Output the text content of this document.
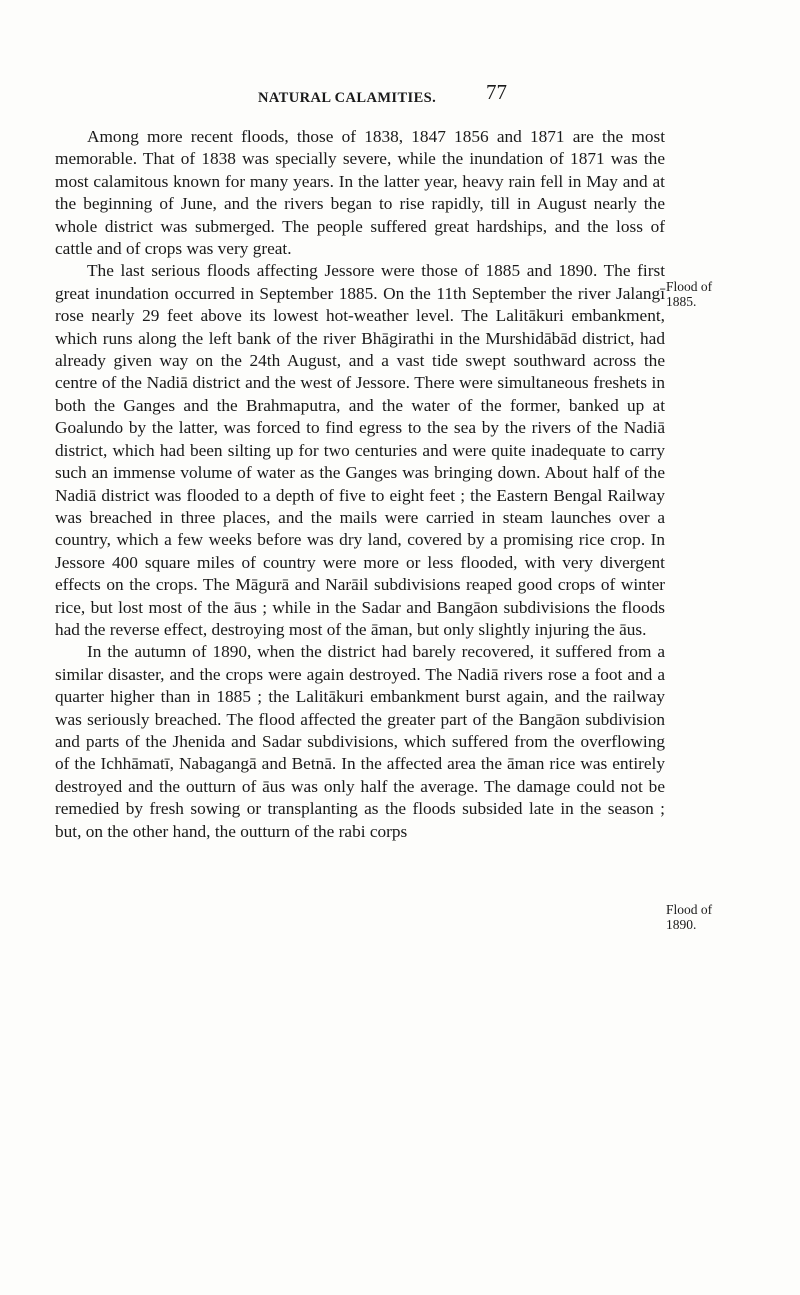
NATURAL CALAMITIES. 77

Among more recent floods, those of 1838, 1847 1856 and 1871 are the most memorable. That of 1838 was specially severe, while the inundation of 1871 was the most calamitous known for many years. In the latter year, heavy rain fell in May and at the beginning of June, and the rivers began to rise rapidly, till in August nearly the whole district was submerged. The people suffered great hardships, and the loss of cattle and of crops was very great.

The last serious floods affecting Jessore were those of 1885 and 1890. The first great inundation occurred in September 1885. On the 11th September the river Jalangī rose nearly 29 feet above its lowest hot-weather level. The Lalitākuri embankment, which runs along the left bank of the river Bhāgirathi in the Murshidābād district, had already given way on the 24th August, and a vast tide swept southward across the centre of the Nadiā district and the west of Jessore. There were simultaneous freshets in both the Ganges and the Brahmaputra, and the water of the former, banked up at Goalundo by the latter, was forced to find egress to the sea by the rivers of the Nadiā district, which had been silting up for two centuries and were quite inadequate to carry such an immense volume of water as the Ganges was bringing down. About half of the Nadiā district was flooded to a depth of five to eight feet ; the Eastern Bengal Railway was breached in three places, and the mails were carried in steam launches over a country, which a few weeks before was dry land, covered by a promising rice crop. In Jessore 400 square miles of country were more or less flooded, with very divergent effects on the crops. The Māgurā and Narāil subdivisions reaped good crops of winter rice, but lost most of the āus ; while in the Sadar and Bangāon subdivisions the floods had the reverse effect, destroying most of the āman, but only slightly injuring the āus.

In the autumn of 1890, when the district had barely recovered, it suffered from a similar disaster, and the crops were again destroyed. The Nadiā rivers rose a foot and a quarter higher than in 1885 ; the Lalitākuri embankment burst again, and the railway was seriously breached. The flood affected the greater part of the Bangāon subdivision and parts of the Jhenida and Sadar subdivisions, which suffered from the overflowing of the Ichhāmatī, Nabagangā and Betnā. In the affected area the āman rice was entirely destroyed and the outturn of āus was only half the average. The damage could not be remedied by fresh sowing or transplanting as the floods subsided late in the season ; but, on the other hand, the outturn of the rabi corps

Flood of
1885.
Flood of
1890.
